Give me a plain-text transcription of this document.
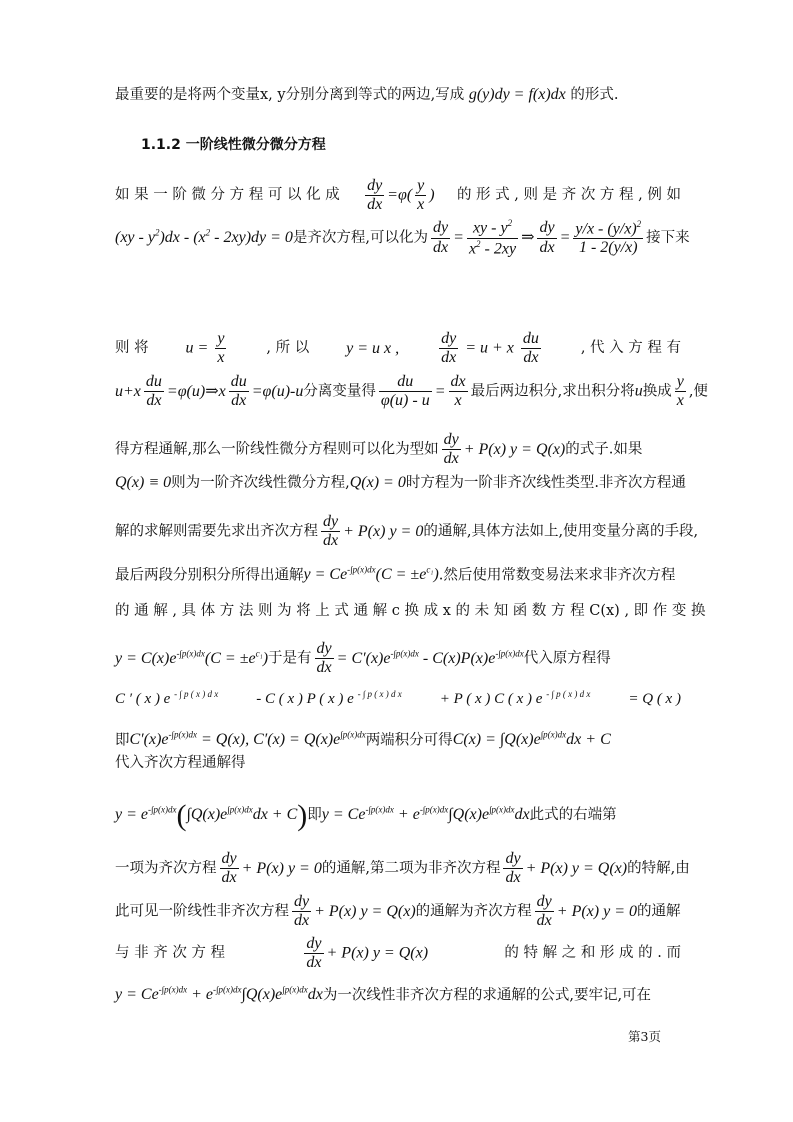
最重要的是将两个变量x, y分别分离到等式的两边,写成 g(y)dy = f(x)dx 的形式.
1.1.2 一阶线性微分微分方程
如 果 一 阶 微 分 方 程 可 以 化 成 $\frac{dy}{dx} =\varphi( \frac{y}{x}$ ) 的 形 式 , 则 是 齐 次 方 程 , 例 如
$(xy - y^2)dx - (x^2 - 2xy)dy = 0$是齐次方程,可以化为 $\frac{dy}{dx} = \frac{xy - y^2}{x^2 - 2xy}$ ⇒ $\frac{dy}{dx} = \frac{y/x - (y/x)^2}{1 - 2(y/x)}$ 接下来
则 将 $u = \frac{y}{x}$	, 所 以 y = u x , $\frac{dy}{dx} = u + x \frac{du}{dx}$	, 代 入 方 程 有
$u+x \frac{du}{dx}$ =φ(u)⇒x $\frac{du}{dx} =\varphi(u)-u$分离变量得 $\frac{du}{\varphi(u) - u} = \frac{dx}{x}$ 最后两边积分,求出积分将u换成 $\frac{y}{x}$ ,便
得方程通解,那么一阶线性微分方程则可以化为型如 $\frac{dy}{dx} + P(x) y = Q(x)$的式子.如果
Q(x) ≡ 0则为一阶齐次线性微分方程,Q(x) = 0时方程为一阶非齐次线性类型.非齐次方程通
解的求解则需要先求出齐次方程 $\frac{dy}{dx} + P(x) y = 0$的通解,具体方法如上,使用变量分离的手段,
最后两段分别积分所得出通解$y = Ce^{-\int p(x)dx}(C = \pm e^{c_1})$.然后使用常数变易法来求非齐次方程
的 通 解 , 具 体 方 法 则 为 将 上 式 通 解 c 换 成 x 的 未 知 函 数 方 程 C(x) , 即 作 变 换
$y = C(x)e^{-\int p(x)dx}(C = \pm e^{c_1})$于是有 $\frac{dy}{dx} = C'(x)e^{-\int p(x)dx} - C(x)P(x)e^{-\int p(x)dx}$代入原方程得
C ′ ( x ) e $^{- \int p ( x ) d x}$	- C ( x ) P ( x ) e $^{- \int p ( x ) d x}$	+ P ( x ) C ( x ) e $^{- \int p ( x ) d x}$	= Q ( x )
即$C'(x)e^{-\int p(x)dx} = Q(x)$, $C'(x) = Q(x)e^{\int p(x)dx}$两端积分可得$C(x) = \int Q(x)e^{\int p(x)dx}dx + C$
代入齐次方程通解得
$y = e^{-\int p(x)dx}(\int Q(x)e^{\int p(x)dx}dx + C)$即$y = Ce^{-\int p(x)dx} + e^{-\int p(x)dx}\int Q(x)e^{\int p(x)dx}dx$此式的右端第
一项为齐次方程 $\frac{dy}{dx} + P(x) y = 0$的通解,第二项为非齐次方程 $\frac{dy}{dx} + P(x) y = Q(x)$的特解,由
此可见一阶线性非齐次方程 $\frac{dy}{dx} + P(x) y = Q(x)$的通解为齐次方程 $\frac{dy}{dx} + P(x) y = 0$的通解
与 非 齐 次 方 程	$\frac{dy}{dx} + P(x) y = Q(x)$	的 特 解 之 和 形 成 的 . 而
$y = Ce^{-\int p(x)dx} + e^{-\int p(x)dx}\int Q(x)e^{\int p(x)dx}dx$为一次线性非齐次方程的求通解的公式,要牢记,可在
第3页
